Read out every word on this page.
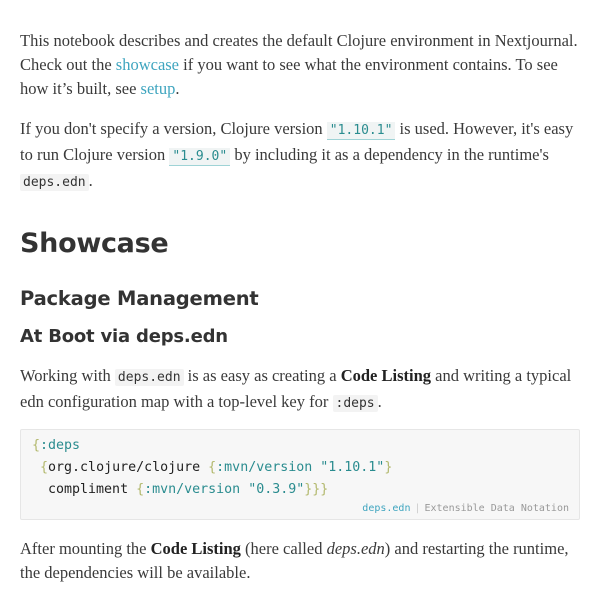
This notebook describes and creates the default Clojure environment in Nextjournal. Check out the showcase if you want to see what the environment contains. To see how it’s built, see setup.

If you don't specify a version, Clojure version "1.10.1" is used. However, it's easy to run Clojure version "1.9.0" by including it as a dependency in the runtime's deps.edn .

Showcase
Package Management
At Boot via deps.edn

Working with deps.edn is as easy as creating a Code Listing and writing a typical edn configuration map with a top-level key for :deps .

{:deps
{org.clojure/clojure {:mvn/version "1.10.1"}
compliment {:mvn/version "0.3.9"}}}
deps.edn | Extensible Data Notation

After mounting the Code Listing (here called deps.edn) and restarting the runtime, the dependencies will be available.
